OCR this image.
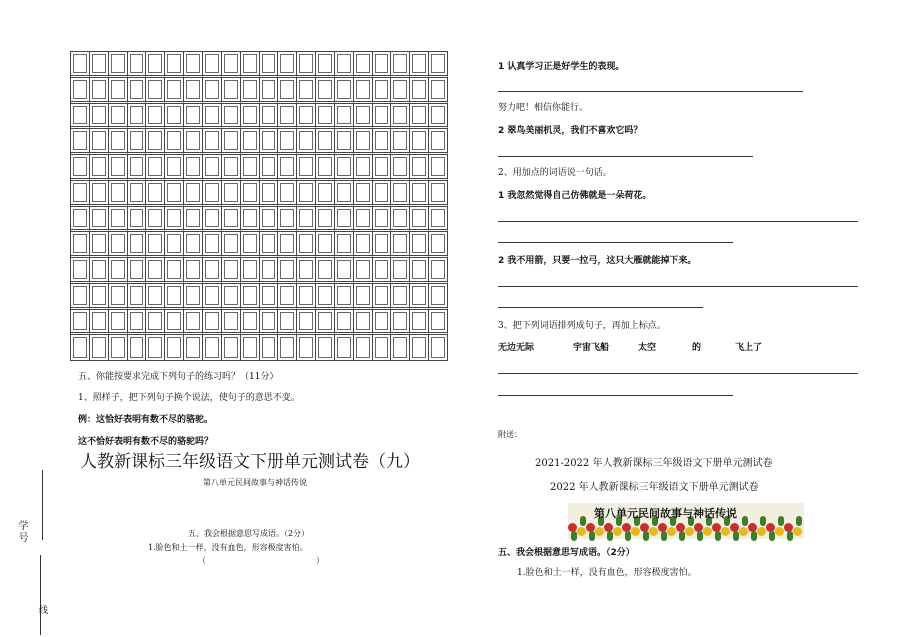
学号
线
五、你能按要求完成下列句子的练习吗？（11分）
1、照样子，把下列句子换个说法，使句子的意思不变。
例：这恰好表明有数不尽的骆驼。
这不恰好表明有数不尽的骆驼吗？
人教新课标三年级语文下册单元测试卷（九）
第八单元民间故事与神话传说
五、我会根据意思写成语。（2分）
1.脸色和土一样，没有血色，形容极度害怕。
（	）
1 认真学习正是好学生的表现。
努力吧！相信你能行。
2 翠鸟美丽机灵，我们不喜欢它吗？
2、用加点的词语说一句话。
1 我忽然觉得自己仿佛就是一朵荷花。
2 我不用箭，只要一拉弓，这只大雁就能掉下来。
3、把下列词语排列成句子，再加上标点。
无边无际	宇宙飞船	太空	的	飞上了
附送：
2021-2022 年人教新课标三年级语文下册单元测试卷
2022 年人教新课标三年级语文下册单元测试卷
第八单元民间故事与神话传说
五、我会根据意思写成语。（2分）
1.脸色和土一样，没有血色，形容极度害怕。
